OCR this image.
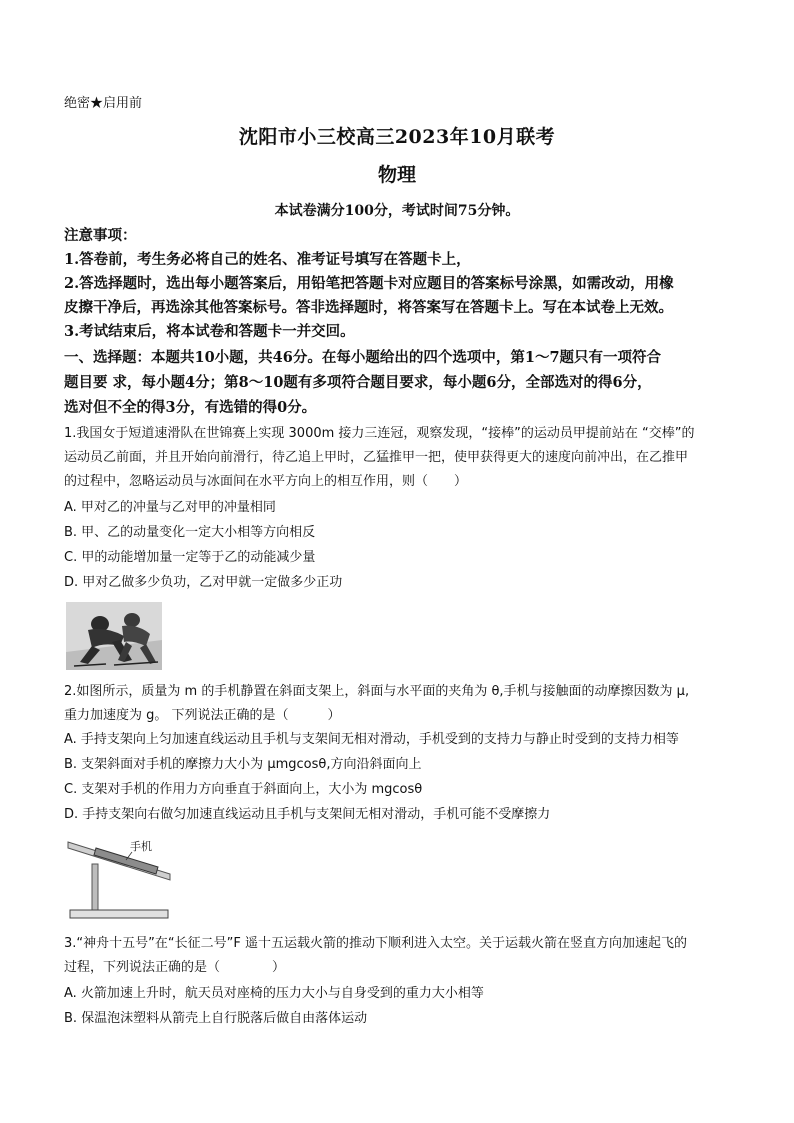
绝密★启用前
沈阳市小三校高三2023年10月联考
物理
本试卷满分100分，考试时间75分钟。
注意事项：
1.答卷前，考生务必将自己的姓名、准考证号填写在答题卡上，
2.答选择题时，选出每小题答案后，用铅笔把答题卡对应题目的答案标号涂黑，如需改动，用橡
皮擦干净后，再选涂其他答案标号。答非选择题时，将答案写在答题卡上。写在本试卷上无效。
3.考试结束后，将本试卷和答题卡一并交回。
一、选择题：本题共10小题，共46分。在每小题给出的四个选项中，第1～7题只有一项符合
题目要 求，每小题4分；第8～10题有多项符合题目要求，每小题6分，全部选对的得6分，
选对但不全的得3分，有选错的得0分。
1.我国女于短道速滑队在世锦赛上实现 3000m 接力三连冠，观察发现，“接棒”的运动员甲提前站在 “交棒”的
运动员乙前面，并且开始向前滑行，待乙追上甲时，乙猛推甲一把，使甲获得更大的速度向前冲出，在乙推甲
的过程中，忽略运动员与冰面间在水平方向上的相互作用，则（　　）
A. 甲对乙的冲量与乙对甲的冲量相同
B. 甲、乙的动量变化一定大小相等方向相反
C. 甲的动能增加量一定等于乙的动能减少量
D. 甲对乙做多少负功，乙对甲就一定做多少正功
2.如图所示，质量为 m 的手机静置在斜面支架上，斜面与水平面的夹角为 θ,手机与接触面的动摩擦因数为 μ,
重力加速度为 g。 下列说法正确的是（　　　）
A. 手持支架向上匀加速直线运动且手机与支架间无相对滑动，手机受到的支持力与静止时受到的支持力相等
B. 支架斜面对手机的摩擦力大小为 μmgcosθ,方向沿斜面向上
C. 支架对手机的作用力方向垂直于斜面向上，大小为 mgcosθ
D. 手持支架向右做匀加速直线运动且手机与支架间无相对滑动，手机可能不受摩擦力
手机
3.“神舟十五号”在“长征二号”F 遥十五运载火箭的推动下顺利进入太空。关于运载火箭在竖直方向加速起飞的
过程，下列说法正确的是（　　　　）
A. 火箭加速上升时，航天员对座椅的压力大小与自身受到的重力大小相等
B. 保温泡沫塑料从箭壳上自行脱落后做自由落体运动
